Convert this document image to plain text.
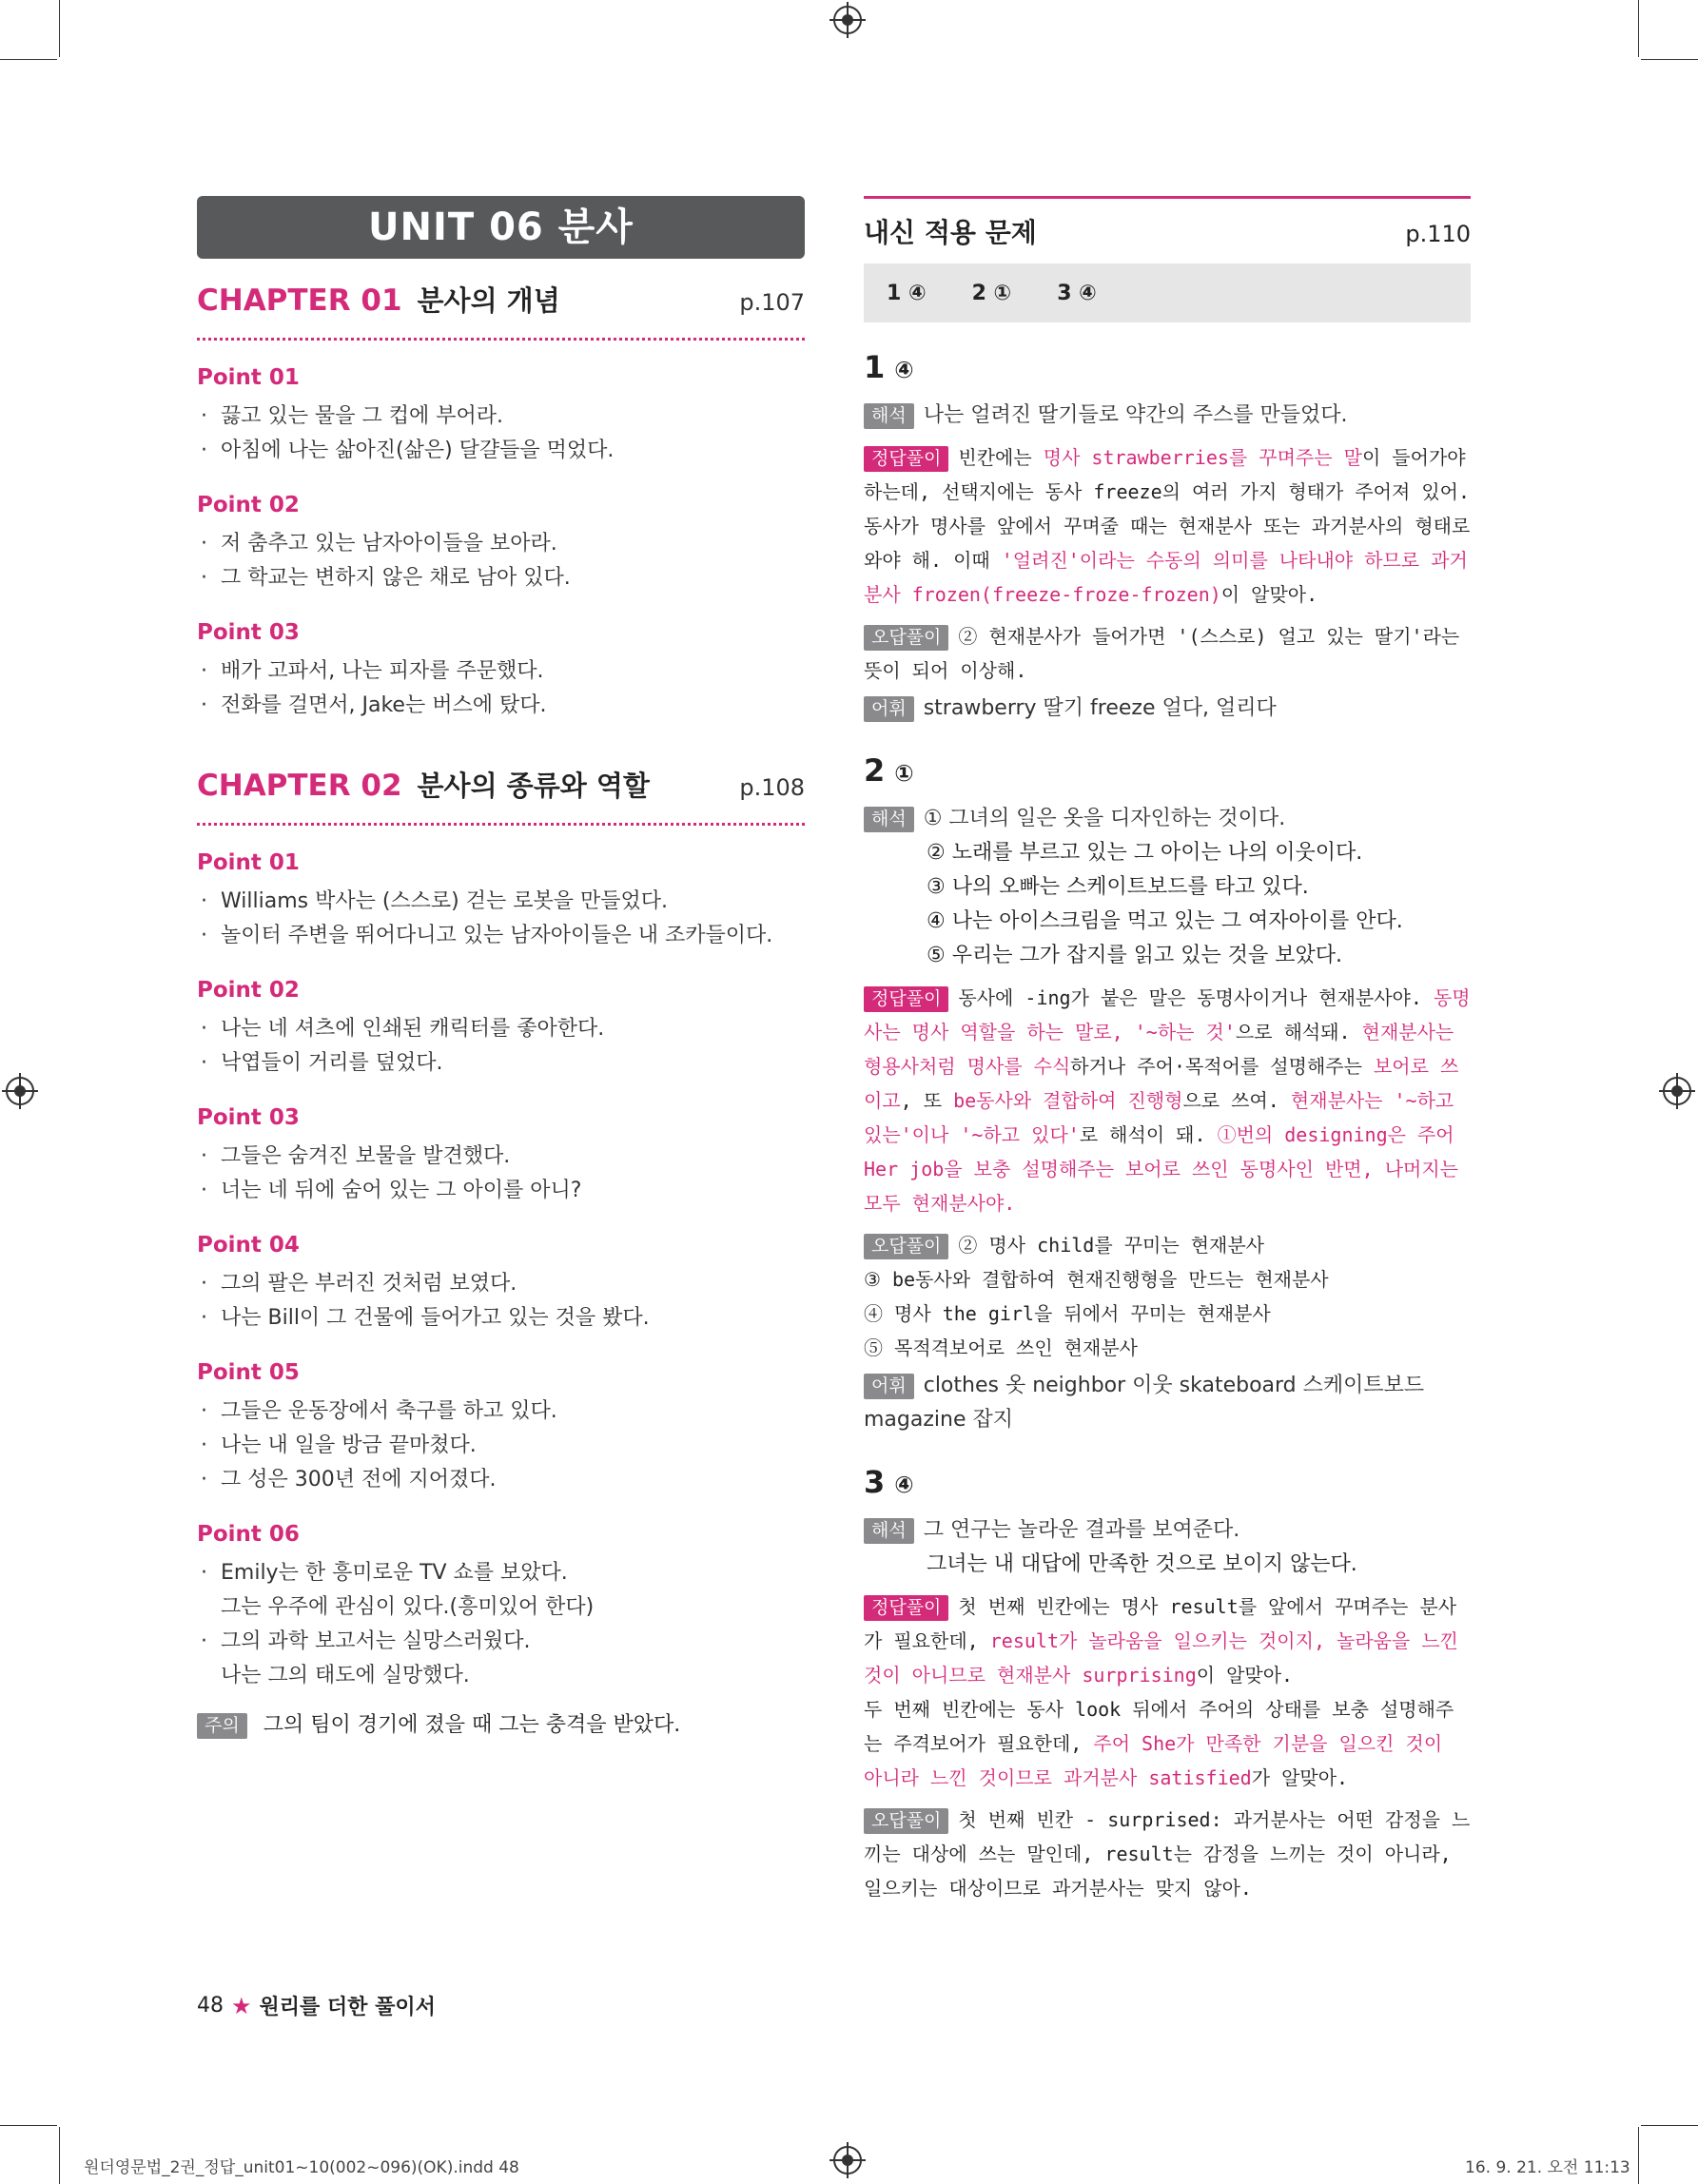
UNIT 06 분사
CHAPTER 01 분사의 개념	p.107
Point 01
· 끓고 있는 물을 그 컵에 부어라.
· 아침에 나는 삶아진(삶은) 달걀들을 먹었다.
Point 02
· 저 춤추고 있는 남자아이들을 보아라.
· 그 학교는 변하지 않은 채로 남아 있다.
Point 03
· 배가 고파서, 나는 피자를 주문했다.
· 전화를 걸면서, Jake는 버스에 탔다.
CHAPTER 02 분사의 종류와 역할	p.108
Point 01
· Williams 박사는 (스스로) 걷는 로봇을 만들었다.
· 놀이터 주변을 뛰어다니고 있는 남자아이들은 내 조카들이다.
Point 02
· 나는 네 셔츠에 인쇄된 캐릭터를 좋아한다.
· 낙엽들이 거리를 덮었다.
Point 03
· 그들은 숨겨진 보물을 발견했다.
· 너는 네 뒤에 숨어 있는 그 아이를 아니?
Point 04
· 그의 팔은 부러진 것처럼 보였다.
· 나는 Bill이 그 건물에 들어가고 있는 것을 봤다.
Point 05
· 그들은 운동장에서 축구를 하고 있다.
· 나는 내 일을 방금 끝마쳤다.
· 그 성은 300년 전에 지어졌다.
Point 06
· Emily는 한 흥미로운 TV 쇼를 보았다.
그는 우주에 관심이 있다.(흥미있어 한다)
· 그의 과학 보고서는 실망스러웠다.
나는 그의 태도에 실망했다.
주의 그의 팀이 경기에 졌을 때 그는 충격을 받았다.
내신 적용 문제	p.110
1 ④ 2 ① 3 ④
1 ④
해석 나는 얼려진 딸기들로 약간의 주스를 만들었다.
정답풀이 빈칸에는 명사 strawberries를 꾸며주는 말이 들어가야 하는데, 선택지에는 동사 freeze의 여러 가지 형태가 주어져 있어. 동사가 명사를 앞에서 꾸며줄 때는 현재분사 또는 과거분사의 형태로 와야 해. 이때 '얼려진'이라는 수동의 의미를 나타내야 하므로 과거분사 frozen(freeze-froze-frozen)이 알맞아.
오답풀이 ② 현재분사가 들어가면 '(스스로) 얼고 있는 딸기'라는 뜻이 되어 이상해.
어휘 strawberry 딸기 freeze 얼다, 얼리다
2 ①
해석 ① 그녀의 일은 옷을 디자인하는 것이다.
② 노래를 부르고 있는 그 아이는 나의 이웃이다.
③ 나의 오빠는 스케이트보드를 타고 있다.
④ 나는 아이스크림을 먹고 있는 그 여자아이를 안다.
⑤ 우리는 그가 잡지를 읽고 있는 것을 보았다.
정답풀이 동사에 -ing가 붙은 말은 동명사이거나 현재분사야. 동명사는 명사 역할을 하는 말로, '~하는 것'으로 해석돼. 현재분사는 형용사처럼 명사를 수식하거나 주어·목적어를 설명해주는 보어로 쓰이고, 또 be동사와 결합하여 진행형으로 쓰여. 현재분사는 '~하고 있는'이나 '~하고 있다'로 해석이 돼. ①번의 designing은 주어 Her job을 보충 설명해주는 보어로 쓰인 동명사인 반면, 나머지는 모두 현재분사야.
오답풀이 ② 명사 child를 꾸미는 현재분사
③ be동사와 결합하여 현재진행형을 만드는 현재분사
④ 명사 the girl을 뒤에서 꾸미는 현재분사
⑤ 목적격보어로 쓰인 현재분사
어휘 clothes 옷 neighbor 이웃 skateboard 스케이트보드 magazine 잡지
3 ④
해석 그 연구는 놀라운 결과를 보여준다.
그녀는 내 대답에 만족한 것으로 보이지 않는다.
정답풀이 첫 번째 빈칸에는 명사 result를 앞에서 꾸며주는 분사가 필요한데, result가 놀라움을 일으키는 것이지, 놀라움을 느낀 것이 아니므로 현재분사 surprising이 알맞아.
두 번째 빈칸에는 동사 look 뒤에서 주어의 상태를 보충 설명해주는 주격보어가 필요한데, 주어 She가 만족한 기분을 일으킨 것이 아니라 느낀 것이므로 과거분사 satisfied가 알맞아.
오답풀이 첫 번째 빈칸 - surprised: 과거분사는 어떤 감정을 느끼는 대상에 쓰는 말인데, result는 감정을 느끼는 것이 아니라, 일으키는 대상이므로 과거분사는 맞지 않아.
48 ★ 원리를 더한 풀이서
원더영문법_2권_정답_unit01~10(002~096)(OK).indd 48	16. 9. 21. 오전 11:13
